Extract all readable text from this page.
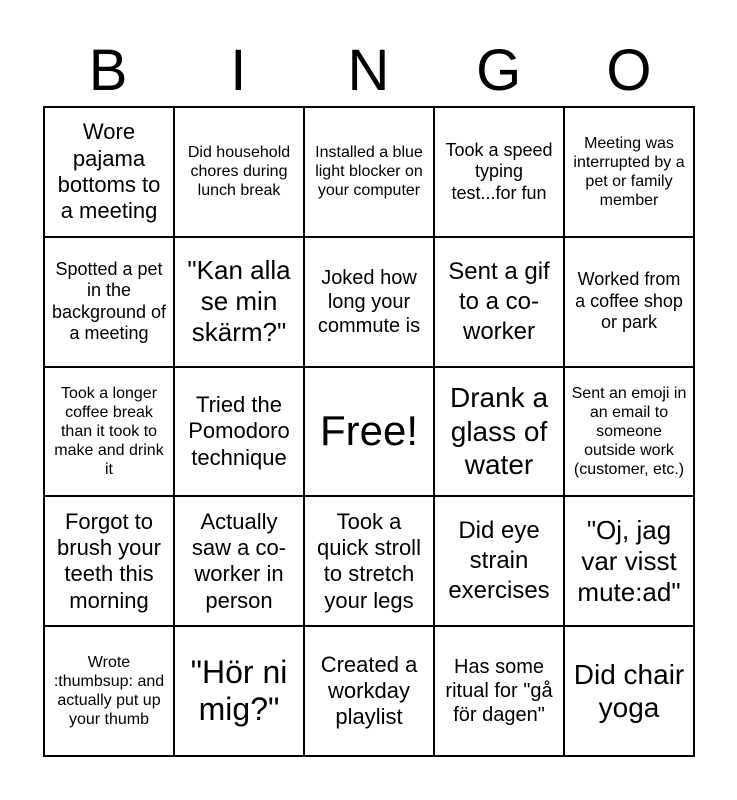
B	I	N	G	O
Wore pajama bottoms to a meeting
Did household chores during lunch break
Installed a blue light blocker on your computer
Took a speed typing test...for fun
Meeting was interrupted by a pet or family member
Spotted a pet in the background of a meeting
"Kan alla se min skärm?"
Joked how long your commute is
Sent a gif to a co-worker
Worked from a coffee shop or park
Took a longer coffee break than it took to make and drink it
Tried the Pomodoro technique
Free!
Drank a glass of water
Sent an emoji in an email to someone outside work (customer, etc.)
Forgot to brush your teeth this morning
Actually saw a co-worker in person
Took a quick stroll to stretch your legs
Did eye strain exercises
"Oj, jag var visst mute:ad"
Wrote :thumbsup: and actually put up your thumb
"Hör ni mig?"
Created a workday playlist
Has some ritual for "gå för dagen"
Did chair yoga
